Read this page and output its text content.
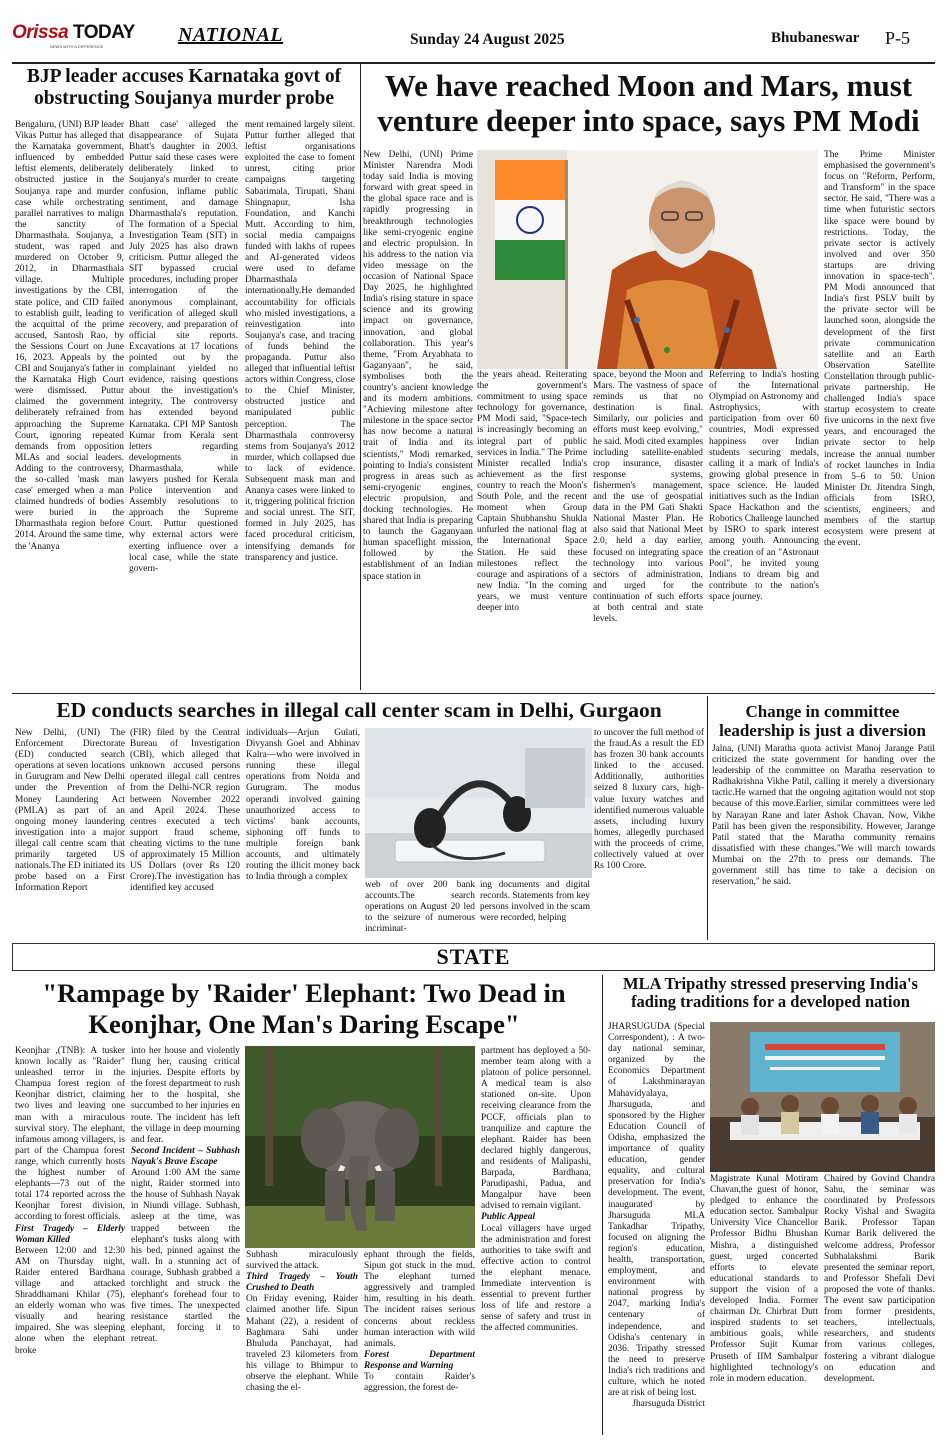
Orissa TODAY
NEWS WITH A DIFFERENCE
NATIONAL	Sunday 24 August 2025	Bhubaneswar P-5
BJP leader accuses Karnataka govt of obstructing Soujanya murder probe
Bengaluru, (UNI) BJP leader Vikas Puttur has alleged that the Karnataka government, influenced by embedded leftist elements, deliberately obstructed justice in the Soujanya rape and murder case while orchestrating parallel narratives to malign the sanctity of Dharmasthala. Soujanya, a student, was raped and murdered on October 9, 2012, in Dharmasthala village. Multiple investigations by the CBI, state police, and CID failed to establish guilt, leading to the acquittal of the prime accused, Santosh Rao, by the Sessions Court on June 16, 2023. Appeals by the CBI and Soujanya's father in the Karnataka High Court were dismissed. Puttur claimed the government deliberately refrained from approaching the Supreme Court, ignoring repeated demands from opposition MLAs and social leaders. Adding to the controversy, the so-called 'mask man case' emerged when a man claimed hundreds of bodies were buried in the Dharmasthala region before 2014. Around the same time, the 'Ananya
Bhatt case' alleged the disappearance of Sujata Bhatt's daughter in 2003. Puttur said these cases were deliberately linked to Soujanya's murder to create confusion, inflame public sentiment, and damage Dharmasthala's reputation. The formation of a Special Investigation Team (SIT) in July 2025 has also drawn criticism. Puttur alleged the SIT bypassed crucial procedures, including proper interrogation of the anonymous complainant, verification of alleged skull recovery, and preparation of official site reports. Excavations at 17 locations pointed out by the complainant yielded no evidence, raising questions about the investigation's integrity. The controversy has extended beyond Karnataka. CPI MP Santosh Kumar from Kerala sent letters regarding developments in Dharmasthala, while lawyers pushed for Kerala Police intervention and Assembly resolutions to approach the Supreme Court. Puttur questioned why external actors were exerting influence over a local case, while the state govern-
ment remained largely silent. Puttur further alleged that leftist organisations exploited the case to foment unrest, citing prior campaigns targeting Sabarimala, Tirupati, Shani Shingnapur, Isha Foundation, and Kanchi Mutt. According to him, social media campaigns funded with lakhs of rupees and AI-generated videos were used to defame Dharmasthala internationally.He demanded accountability for officials who misled investigations, a reinvestigation into Soujanya's case, and tracing of funds behind the propaganda. Puttur also alleged that influential leftist actors within Congress, close to the Chief Minister, obstructed justice and manipulated public perception. The Dharmasthala controversy stems from Soujanya's 2012 murder, which collapsed due to lack of evidence. Subsequent mask man and Ananya cases were linked to it, triggering political friction and social unrest. The SIT, formed in July 2025, has faced procedural criticism, intensifying demands for transparency and justice.
We have reached Moon and Mars, must venture deeper into space, says PM Modi
New Delhi, (UNI) Prime Minister Narendra Modi today said India is moving forward with great speed in the global space race and is rapidly progressing in breakthrough technologies like semi-cryogenic engine and electric propulsion. In his address to the nation via video message on the occasion of National Space Day 2025, he highlighted India's rising stature in space science and its growing impact on governance, innovation, and global collaboration. This year's theme, "From Aryabhata to Gaganyaan", he said, symbolises both the country's ancient knowledge and its modern ambitions. "Achieving milestone after milestone in the space sector has now become a natural trait of India and its scientists," Modi remarked, pointing to India's consistent progress in areas such as semi-cryogenic engines, electric propulsion, and docking technologies. He shared that India is preparing to launch the Gaganyaan human spaceflight mission, followed by the establishment of an Indian space station in
the years ahead. Reiterating the government's commitment to using space technology for governance, PM Modi said, "Space-tech is increasingly becoming an integral part of public services in India." The Prime Minister recalled India's achievement as the first country to reach the Moon's South Pole, and the recent moment when Group Captain Shubhanshu Shukla unfurled the national flag at the International Space Station. He said these milestones reflect the courage and aspirations of a new India. "In the coming years, we must venture deeper into
space, beyond the Moon and Mars. The vastness of space reminds us that no destination is final. Similarly, our policies and efforts must keep evolving," he said. Modi cited examples including satellite-enabled crop insurance, disaster response systems, fishermen's management, and the use of geospatial data in the PM Gati Shakti National Master Plan. He also said that National Meet 2.0, held a day earlier, focused on integrating space technology into various sectors of administration, and urged for the continuation of such efforts at both central and state levels.
Referring to India's hosting of the International Olympiad on Astronomy and Astrophysics, with participation from over 60 countries, Modi expressed happiness over Indian students securing medals, calling it a mark of India's growing global presence in space science. He lauded initiatives such as the Indian Space Hackathon and the Robotics Challenge launched by ISRO to spark interest among youth. Announcing the creation of an "Astronaut Pool", he invited young Indians to dream big and contribute to the nation's space journey.
The Prime Minister emphasised the government's focus on "Reform, Perform, and Transform" in the space sector. He said, "There was a time when futuristic sectors like space were bound by restrictions. Today, the private sector is actively involved and over 350 startups are driving innovation in space-tech". PM Modi announced that India's first PSLV built by the private sector will be launched soon, alongside the development of the first private communication satellite and an Earth Observation Satellite Constellation through public-private partnership. He challenged India's space startup ecosystem to create five unicorns in the next five years, and encouraged the private sector to help increase the annual number of rocket launches in India from 5–6 to 50. Union Minister Dr. Jitendra Singh, officials from ISRO, scientists, engineers, and members of the startup ecosystem were present at the event.
ED conducts searches in illegal call center scam in Delhi, Gurgaon
New Delhi, (UNI) The Enforcement Directorate (ED) conducted search operations at seven locations in Gurugram and New Delhi under the Prevention of Money Laundering Act (PMLA) as part of an ongoing money laundering investigation into a major illegal call centre scam that primarily targeted US nationals.The ED initiated its probe based on a First Information Report
(FIR) filed by the Central Bureau of Investigation (CBI), which alleged that unknown accused persons operated illegal call centres from the Delhi-NCR region between November 2022 and April 2024. These centres executed a tech support fraud scheme, cheating victims to the tune of approximately 15 Million US Dollars (over Rs 120 Crore).The investigation has identified key accused
individuals—Arjun Gulati, Divyansh Goel and Abhinav Kalra—who were involved in running these illegal operations from Noida and Gurugram. The modus operandi involved gaining unauthorized access to victims' bank accounts, siphoning off funds to multiple foreign bank accounts, and ultimately routing the illicit money back to India through a complex
web of over 200 bank accounts.The search operations on August 20 led to the seizure of numerous incriminat-
ing documents and digital records. Statements from key persons involved in the scam were recorded, helping
to uncover the full method of the fraud.As a result the ED has frozen 30 bank accounts linked to the accused. Additionally, authorities seized 8 luxury cars, high-value luxury watches and identified numerous valuable assets, including luxury homes, allegedly purchased with the proceeds of crime, collectively valued at over Rs 100 Crore.
Change in committee leadership is just a diversion
Jalna, (UNI) Maratha quota activist Manoj Jarange Patil criticized the state government for handing over the leadership of the committee on Maratha reservation to Radhakrishna Vikhe Patil, calling it merely a diversionary tactic.He warned that the ongoing agitation would not stop because of this move.Earlier, similar committees were led by Narayan Rane and later Ashok Chavan. Now, Vikhe Patil has been given the responsibility. However, Jarange Patil stated that the Maratha community remains dissatisfied with these changes."We will march towards Mumbai on the 27th to press our demands. The government still has time to take a decision on reservation," he said.
STATE
"Rampage by 'Raider' Elephant: Two Dead in Keonjhar, One Man's Daring Escape"

Keonjhar ,(TNB): A tusker known locally as "Raider" unleashed terror in the Champua forest region of Keonjhar district, claiming two lives and leaving one man with a miraculous survival story. The elephant, infamous among villagers, is part of the Champua forest range, which currently hosts the highest number of elephants—73 out of the total 174 reported across the Keonjhar forest division, according to forest officials.

First Tragedy – Elderly Woman Killed

Between 12:00 and 12:30 AM on Thursday night, Raider entered Bardhana village and attacked Shraddhamani Khilar (75), an elderly woman who was visually and hearing impaired. She was sleeping alone when the elephant broke

into her house and violently flung her, causing critical injuries. Despite efforts by the forest department to rush her to the hospital, she succumbed to her injuries en route. The incident has left the village in deep mourning and fear.

Second Incident – Subhash Nayak's Brave Escape

Around 1:00 AM the same night, Raider stormed into the house of Subhash Nayak in Niundi village. Subhash, asleep at the time, was trapped between the elephant's tusks along with his bed, pinned against the wall. In a stunning act of courage, Subhash grabbed a torchlight and struck the elephant's forehead four to five times. The unexpected resistance startled the elephant, forcing it to retreat.

Subhash miraculously survived the attack.

Third Tragedy – Youth Crushed to Death

On Friday evening, Raider claimed another life. Sipun Mahant (22), a resident of Baghmara Sahi under Bhuluda Panchayat, had traveled 23 kilometers from his village to Bhimpur to observe the elephant. While chasing the el-

ephant through the fields, Sipun got stuck in the mud. The elephant turned aggressively and trampled him, resulting in his death. The incident raises serious concerns about reckless human interaction with wild animals.

Forest Department Response and Warning

To contain Raider's aggression, the forest de-

partment has deployed a 50-member team along with a platoon of police personnel. A medical team is also stationed on-site. Upon receiving clearance from the PCCF, officials plan to tranquilize and capture the elephant. Raider has been declared highly dangerous, and residents of Malipashi, Barpada, Bardhana, Parudipashi, Padua, and Mangalpur have been advised to remain vigilant.

Public Appeal

Local villagers have urged the administration and forest authorities to take swift and effective action to control the elephant menace. Immediate intervention is essential to prevent further loss of life and restore a sense of safety and trust in the affected communities.

MLA Tripathy stressed preserving India's fading traditions for a developed nation

JHARSUGUDA (Special Correspondent), : A two-day national seminar, organized by the Economics Department of Lakshminarayan Mahavidyalaya, Jharsuguda, and sponsored by the Higher Education Council of Odisha, emphasized the importance of quality education, gender equality, and cultural preservation for India's development. The event, inaugurated by Jharsuguda MLA Tankadhar Tripathy, focused on aligning the region's education, health, transportation, employment, and environment with national progress by 2047, marking India's centenary of independence, and Odisha's centenary in 2036. Tripathy stressed the need to preserve India's rich traditions and culture, which he noted are at risk of being lost.

Jharsuguda District

Magistrate Kunal Motiram Chavan,the guest of honor, pledged to enhance the education sector. Sambalpur University Vice Chancellor Professor Bidhu Bhushan Mishra, a distinguished guest, urged concerted efforts to elevate educational standards to support the vision of a developed India. Former chairman Dr. Chirbrat Dutt inspired students to set ambitious goals, while Professor Sujit Kumar Pruseth of IIM Sambalpur highlighted technology's role in modern education.
Chaired by Govind Chandra Sahu, the seminar was coordinated by Professors Rocky Vishal and Swagita Barik. Professor Tapan Kumar Barik delivered the welcome address, Professor Subhalakshmi Barik presented the seminar report, and Professor Shefali Devi proposed the vote of thanks. The event saw participation from former presidents, teachers, intellectuals, researchers, and students from various colleges, fostering a vibrant dialogue on education and development.
